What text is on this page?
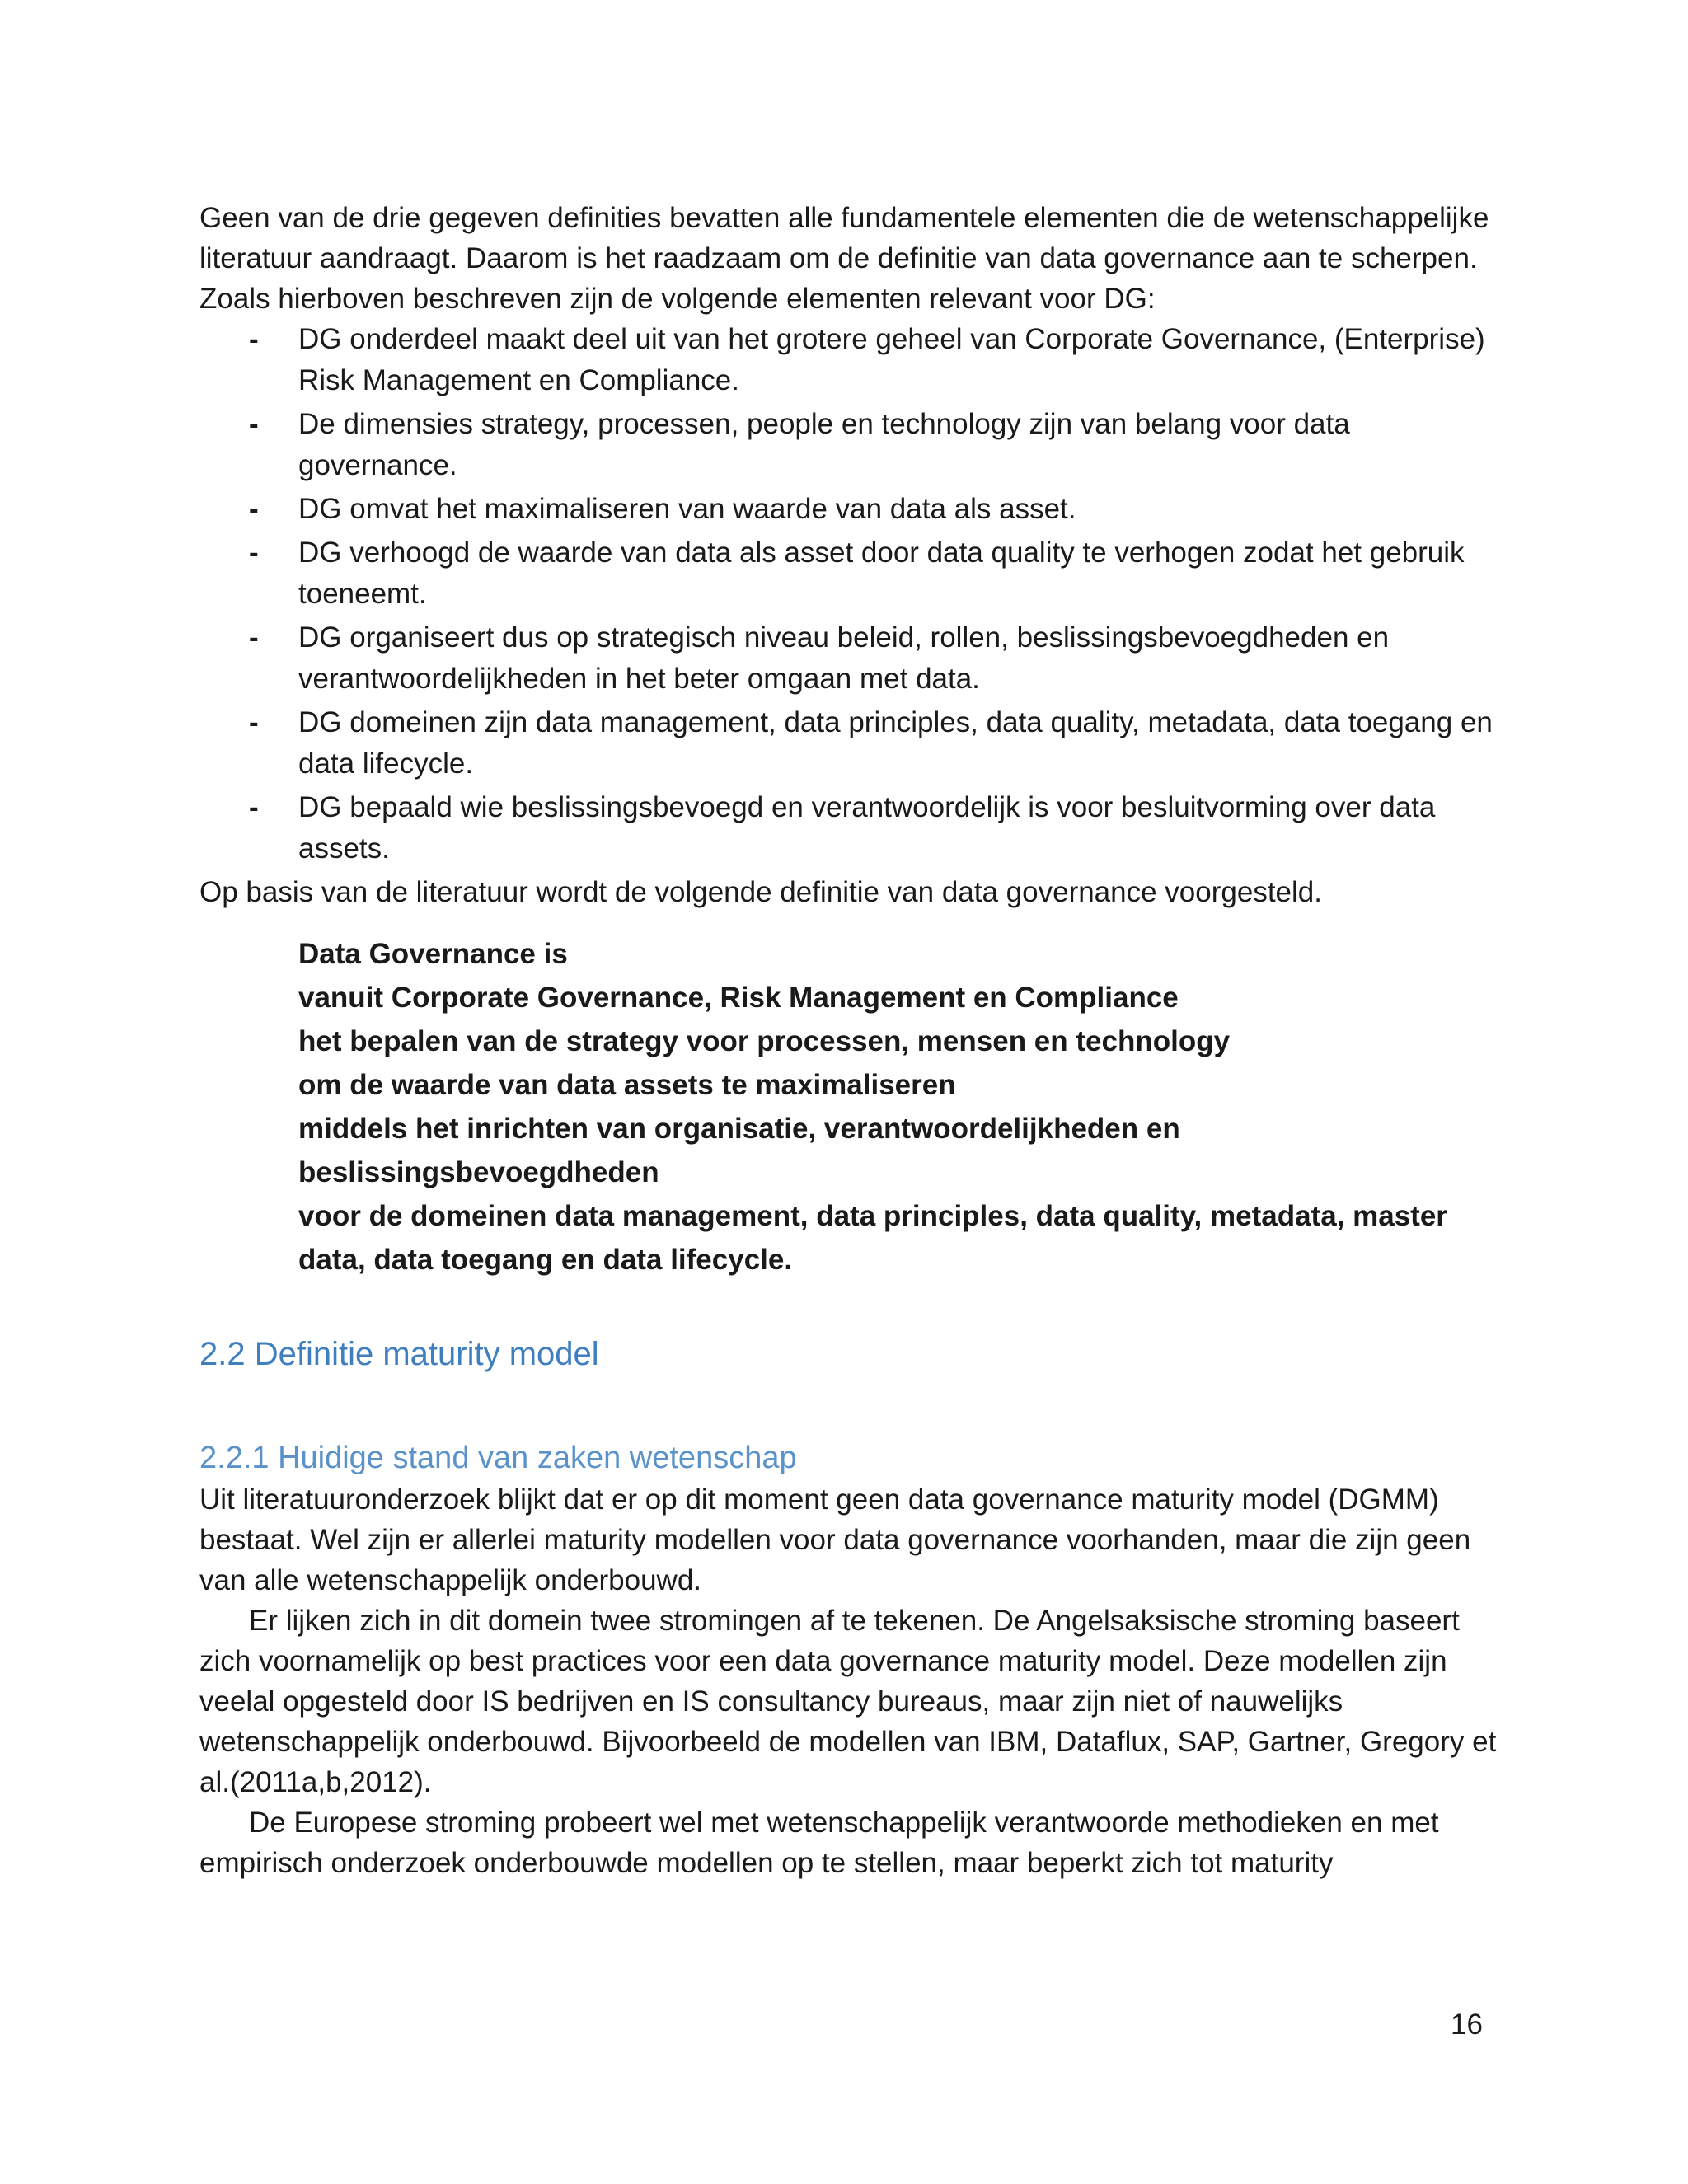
Geen van de drie gegeven definities bevatten alle fundamentele elementen die de wetenschappelijke literatuur aandraagt. Daarom is het raadzaam om de definitie van data governance aan te scherpen. Zoals hierboven beschreven zijn de volgende elementen relevant voor DG:

- DG onderdeel maakt deel uit van het grotere geheel van Corporate Governance, (Enterprise) Risk Management en Compliance.
- De dimensies strategy, processen, people en technology zijn van belang voor data governance.
- DG omvat het maximaliseren van waarde van data als asset.
- DG verhoogd de waarde van data als asset door data quality te verhogen zodat het gebruik toeneemt.
- DG organiseert dus op strategisch niveau beleid, rollen, beslissingsbevoegdheden en verantwoordelijkheden in het beter omgaan met data.
- DG domeinen zijn data management, data principles, data quality, metadata, data toegang en data lifecycle.
- DG bepaald wie beslissingsbevoegd en verantwoordelijk is voor besluitvorming over data assets.

Op basis van de literatuur wordt de volgende definitie van data governance voorgesteld.

Data Governance is
vanuit Corporate Governance, Risk Management en Compliance
het bepalen van de strategy voor processen, mensen en technology
om de waarde van data assets te maximaliseren
middels het inrichten van organisatie, verantwoordelijkheden en beslissingsbevoegdheden
voor de domeinen data management, data principles, data quality, metadata, master data, data toegang en data lifecycle.
2.2 Definitie maturity model
2.2.1 Huidige stand van zaken wetenschap

Uit literatuuronderzoek blijkt dat er op dit moment geen data governance maturity model (DGMM) bestaat. Wel zijn er allerlei maturity modellen voor data governance voorhanden, maar die zijn geen van alle wetenschappelijk onderbouwd.

Er lijken zich in dit domein twee stromingen af te tekenen. De Angelsaksische stroming baseert zich voornamelijk op best practices voor een data governance maturity model. Deze modellen zijn veelal opgesteld door IS bedrijven en IS consultancy bureaus, maar zijn niet of nauwelijks wetenschappelijk onderbouwd. Bijvoorbeeld de modellen van IBM, Dataflux, SAP, Gartner, Gregory et al.(2011a,b,2012).

De Europese stroming probeert wel met wetenschappelijk verantwoorde methodieken en met empirisch onderzoek onderbouwde modellen op te stellen, maar beperkt zich tot maturity

16
